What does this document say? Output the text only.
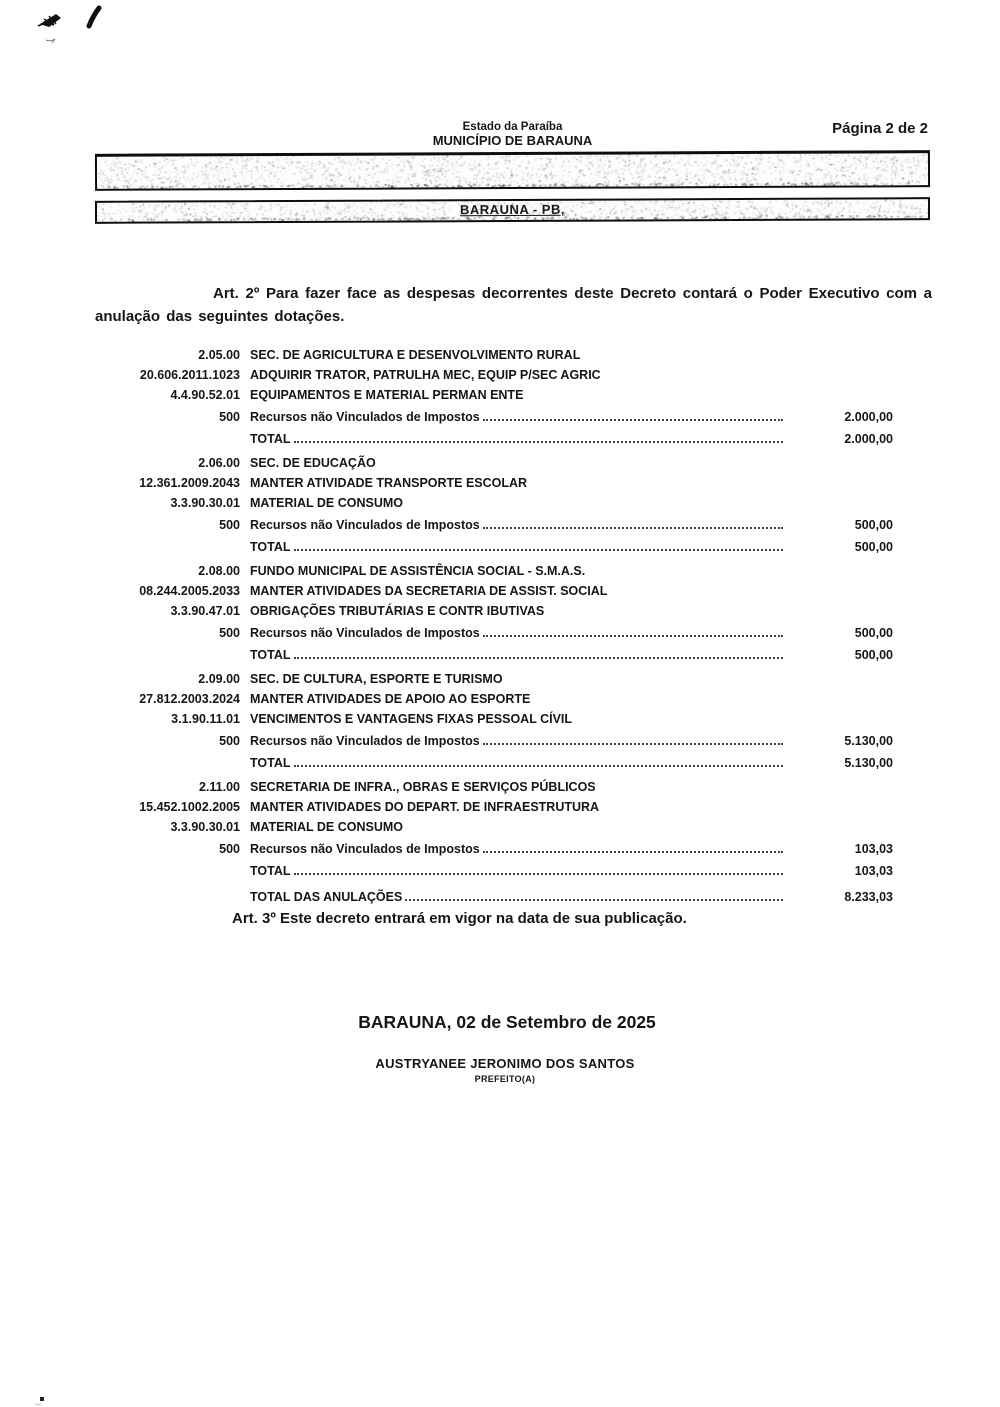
Estado da Paraíba
MUNICÍPIO DE BARAUNA
Página 2 de 2
BARAUNA - PB,

Art. 2º Para fazer face as despesas decorrentes deste Decreto contará o Poder Executivo com a anulação das seguintes dotações.

2.05.00 SEC. DE AGRICULTURA E DESENVOLVIMENTO RURAL
20.606.2011.1023 ADQUIRIR TRATOR, PATRULHA MEC, EQUIP P/SEC AGRIC
4.4.90.52.01 EQUIPAMENTOS E MATERIAL PERMAN ENTE
500 Recursos não Vinculados de Impostos	2.000,00
TOTAL	2.000,00
2.06.00 SEC. DE EDUCAÇÃO
12.361.2009.2043 MANTER ATIVIDADE TRANSPORTE ESCOLAR
3.3.90.30.01 MATERIAL DE CONSUMO
500 Recursos não Vinculados de Impostos	500,00
TOTAL	500,00
2.08.00 FUNDO MUNICIPAL DE ASSISTÊNCIA SOCIAL - S.M.A.S.
08.244.2005.2033 MANTER ATIVIDADES DA SECRETARIA DE ASSIST. SOCIAL
3.3.90.47.01 OBRIGAÇÕES TRIBUTÁRIAS E CONTR IBUTIVAS
500 Recursos não Vinculados de Impostos	500,00
TOTAL	500,00
2.09.00 SEC. DE CULTURA, ESPORTE E TURISMO
27.812.2003.2024 MANTER ATIVIDADES DE APOIO AO ESPORTE
3.1.90.11.01 VENCIMENTOS E VANTAGENS FIXAS PESSOAL CÍVIL
500 Recursos não Vinculados de Impostos	5.130,00
TOTAL	5.130,00
2.11.00 SECRETARIA DE INFRA., OBRAS E SERVIÇOS PÚBLICOS
15.452.1002.2005 MANTER ATIVIDADES DO DEPART. DE INFRAESTRUTURA
3.3.90.30.01 MATERIAL DE CONSUMO
500 Recursos não Vinculados de Impostos	103,03
TOTAL	103,03
TOTAL DAS ANULAÇÕES	8.233,03

Art. 3º Este decreto entrará em vigor na data de sua publicação.

BARAUNA, 02 de Setembro de 2025
AUSTRYANEE JERONIMO DOS SANTOS
PREFEITO(A)
